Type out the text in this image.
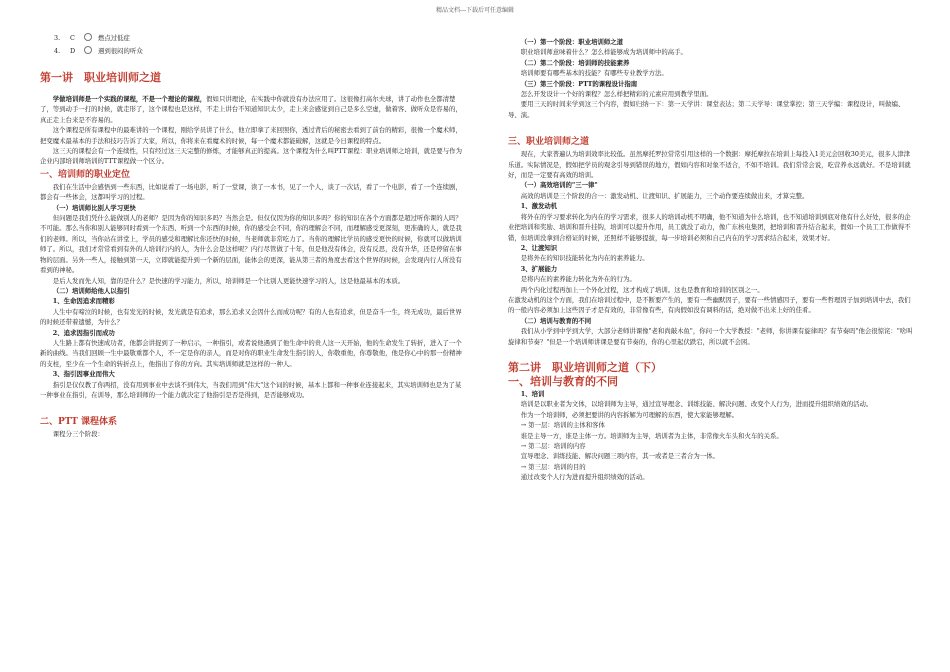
精品文档---下载后可任意编辑
3.	C	燃点过低症
4.	D	遇到很闷的听众
第一讲　职业培训师之道

学做培训师是一个实践的课程，不是一个理论的课程，假如只讲理论，在实践中你就没有办法应用了。这很像打高尔夫球，讲了动作也全都清楚了，等到动手一打的时候，就走形了，这个课程也是这样，不走上讲台不知道知识太少，走上来会感觉到自己是多么空虚，做着客、做听众是容易的，真正走上台来是不容易的。

这个课程是所有课程中的最难讲的一个课程，刚给学员讲了什么，他立即拿了来回照你，透过背后的秘密去看到了前台的精彩，很像一个魔术师，把变魔术最基本的手法和技巧告诉了大家，所以，你将来在看魔术的时候，每一个魔术都能破解，这就是今日课程的特点。

这三天的课程会有一个连续性，只有经过这三天完整的修炼，才能够真正的提高。这个课程为什么叫PTT课程：职业培训师之培训，就是要与作为企业内部培训师培训的TTT课程做一个区分。

一、培训师的职业定位

我们在生活中会感悟到一些东西，比如说看了一场电影，听了一堂课，读了一本书，见了一个人，谈了一次话，看了一个电影，看了一个连续剧，都会有一些体会，这都叫学习的过程。

（一）培训师比别人学习更快

但问题是我们凭什么能做别人的老师？是因为你的知识多吗？当然会是。但仅仅因为你的知识多吗？你的知识在各个方面都是超过听你课的人吗？不可能。那么当你和别人能够同时看到一个东西、听到一个东西的时候，你的感受会不同，你的理解会不同，而理解感受更深刻，更准确的人，就是我们的老师。所以，当你站在讲堂上，学员的感受和理解比你还快的时候，当老师就非常吃力了。当你的理解比学员的感受更快的时候，你就可以做培训师了。所以，我们才常常看到有外的人培训行内的人，为什么会是这样呢？内行尽管做了十年，但是他没有体会，没有反思，没有升华，还是停留在事物的层面。另外一些人，接触到第一天，立即就能提升到一个新的层面，能体会的更深，能从第三者的角度去看这个世界的时候，会发现内行人所没有看到的神秘。

是后人发而先人知，靠的是什么？是快速的学习能力，所以，培训师是一个比别人更能快速学习的人，这是他最基本的本质。

（二）培训师给他人以指引

1、生命因追求而精彩

人生中有啼泣的时候，也有发光的时候，发光就是有追求，那么追求又会因什么而成功呢？有的人也有追求，但是奋斗一生，终无成功，最后世界的时候还带着遗憾，为什么？

2、追求因指引而成功

人生路上都有快速成功者，他都会讲捉到了一种启示，一种指引，或者说他遇到了他生命中的贵人这一天开始，他的生命发生了转折，进入了一个新的曲线。当我们回顾一生中最敬重都个人，不一定是你的亲人，而是对你的职业生命发生指引的人，你敬重他，你尊敬他，他是你心中的那一份精神的支柱，至少在一个生命的转折点上，他指出了你的方向。其实培训师就是这样的一种人。

3、指引因事业而伟大

指引是仅仅教了你两招，没有用到事业中去谈不到伟大，当我们用到"伟大"这个词的时候，基本上都和一种事业连接起来，其实培训师也是为了某一种事业在指引，在训导，那么培训师的一个能力就决定了他指引是否是得到，是否能够成功。

二、PTT 课程体系

课程分三个阶段：

（一）第一个阶段：职业培训师之道

职业培训师意味着什么？怎么样能够成为培训师中的高手。

（二）第二个阶段：培训师的技能素养

培训师要有哪些基本的技能？有哪些专业教学方法。

（三）第三个阶段：PTT的课程设计指南

怎么开发设计一个好的课程？怎么样把精彩的元素应用到教学里面。

要用三天的时间来学到这三个内容，假如归纳一下：第一天学讲：课堂表达；第二天学导：课堂掌控；第三天学编：课程设计，叫做编、导、演。

三、职业培训师之道

现在，大家普遍认为培训效率比较低。虽然摩托罗拉常常引用这样的一个数据：摩托摩拉在培训上每投入1美元会回收30美元，很多人津津乐道。实际情况是，假如把学员的观念引导到错误的地方，假如内容和对象不适合，不如不培训。我们常常会说，吃营养永远就好。不是培训就好，而是一定要有高效的培训。

（一）高效培训的"三一律"

高效的培训是三个阶段的合一：激发动机、让渡知识、扩展能力，三个动作要连续做出来，才算完整。

1、激发动机

将外在的学习要求转化为内在的学习需求，很多人的培训动机不明确，他不知道为什么培训，也不知道培训到底对他有什么好处，很多的企业把培训和奖励、培训和晋升挂钩，培训可以提升作用，员工就没了动力，像广东核电集团，把培训和晋升结合起来，假如一个员工工作做得不错，但培训没拿到合格证的时候，还照样不能够提拔，每一步培训必须和自己内在的学习需求结合起来，效果才好。

2、让渡知识

是将外在的知识技能转化为内在的素养能力。

3、扩展能力

是将内在的素养能力转化为外在的行为。

两个内化过程再加上一个外化过程，这才构成了培训。这也是教育和培训的区别之一。

在激发动机的这个方面，我们在培训过程中，是不断要产生的，要有一些幽默因子，要有一些情感因子，要有一些哲理因子加到培训中去，我们的一般内容必须加上这些因子才是有效的，非常像有些，有肉假如没有调料的话，绝对做不出来上好的佳肴。

（二）培训与教育的不同

我们从小学到中学到大学，大部分老师讲课像"老和尚敲木鱼"，你问一个大学教授："老师，你讲课有旋律吗？有节奏吗"他会很惊诧："啥叫旋律和节奏？"但是一个培训师讲课是要有节奏的，你的心里起伏跌宕，所以就不会困。

第二讲　职业培训师之道（下）
一、培训与教育的不同

1、培训

培训是以职业者为文体，以培训师为主导，通过宣导理念、训练技能、解决问题、改变个人行为，进而提升组织绩效的活动。

作为一个培训师，必须把要讲的内容拆解为可理解的东西，使大家能够理解。

→ 第一层：培训的主体和客体

谁是主导一方，谁是主体一方。培训师为主导，培训者为主体，非常像火车头和火车的关系。

→ 第二层：培训的内容

宣导理念、训练技能、解决问题三项内容，其一或者是三者合为一体。

→ 第三层：培训的目的

通过改变个人行为进而提升组织绩效的活动。
